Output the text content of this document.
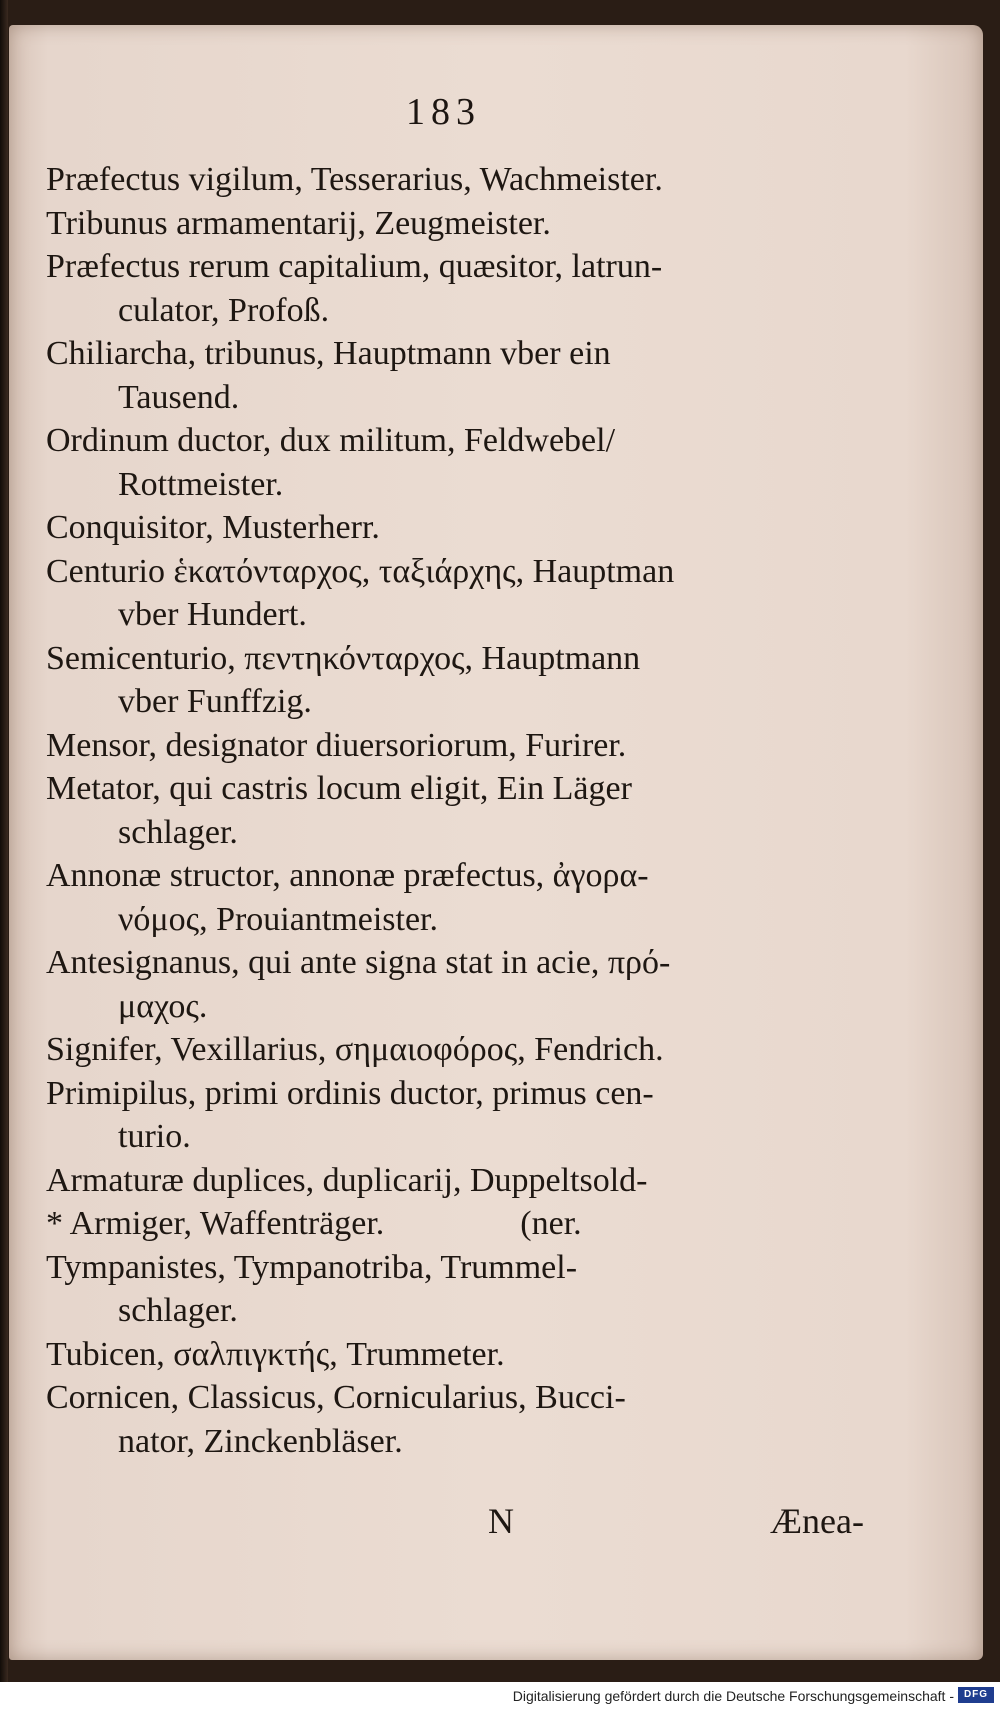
183
Præfectus vigilum, Tesserarius, Wachmeister.
Tribunus armamentarij, Zeugmeister.
Præfectus rerum capitalium, quæsitor, latrun-
culator, Profoß.
Chiliarcha, tribunus, Hauptmann vber ein
Tausend.
Ordinum ductor, dux militum, Feldwebel/
Rottmeister.
Conquisitor, Musterherr.
Centurio ἑκατόνταρχος, ταξιάρχης, Hauptman
vber Hundert.
Semicenturio, πεντηκόνταρχος, Hauptmann
vber Funffzig.
Mensor, designator diuersoriorum, Furirer.
Metator, qui castris locum eligit, Ein Läger
schlager.
Annonæ structor, annonæ præfectus, ἀγορα-
νόμος, Prouiantmeister.
Antesignanus, qui ante signa stat in acie, πρό-
μαχος.
Signifer, Vexillarius, σημαιοφόρος, Fendrich.
Primipilus, primi ordinis ductor, primus cen-
turio.
Armaturæ duplices, duplicarij, Duppeltsold-
* Armiger, Waffenträger.                (ner.
Tympanistes, Tympanotriba, Trummel-
schlager.
Tubicen, σαλπιγκτής, Trummeter.
Cornicen, Classicus, Cornicularius, Bucci-
nator, Zinckenbläser.
N	Ænea-
Digitalisierung gefördert durch die Deutsche Forschungsgemeinschaft - DFG
